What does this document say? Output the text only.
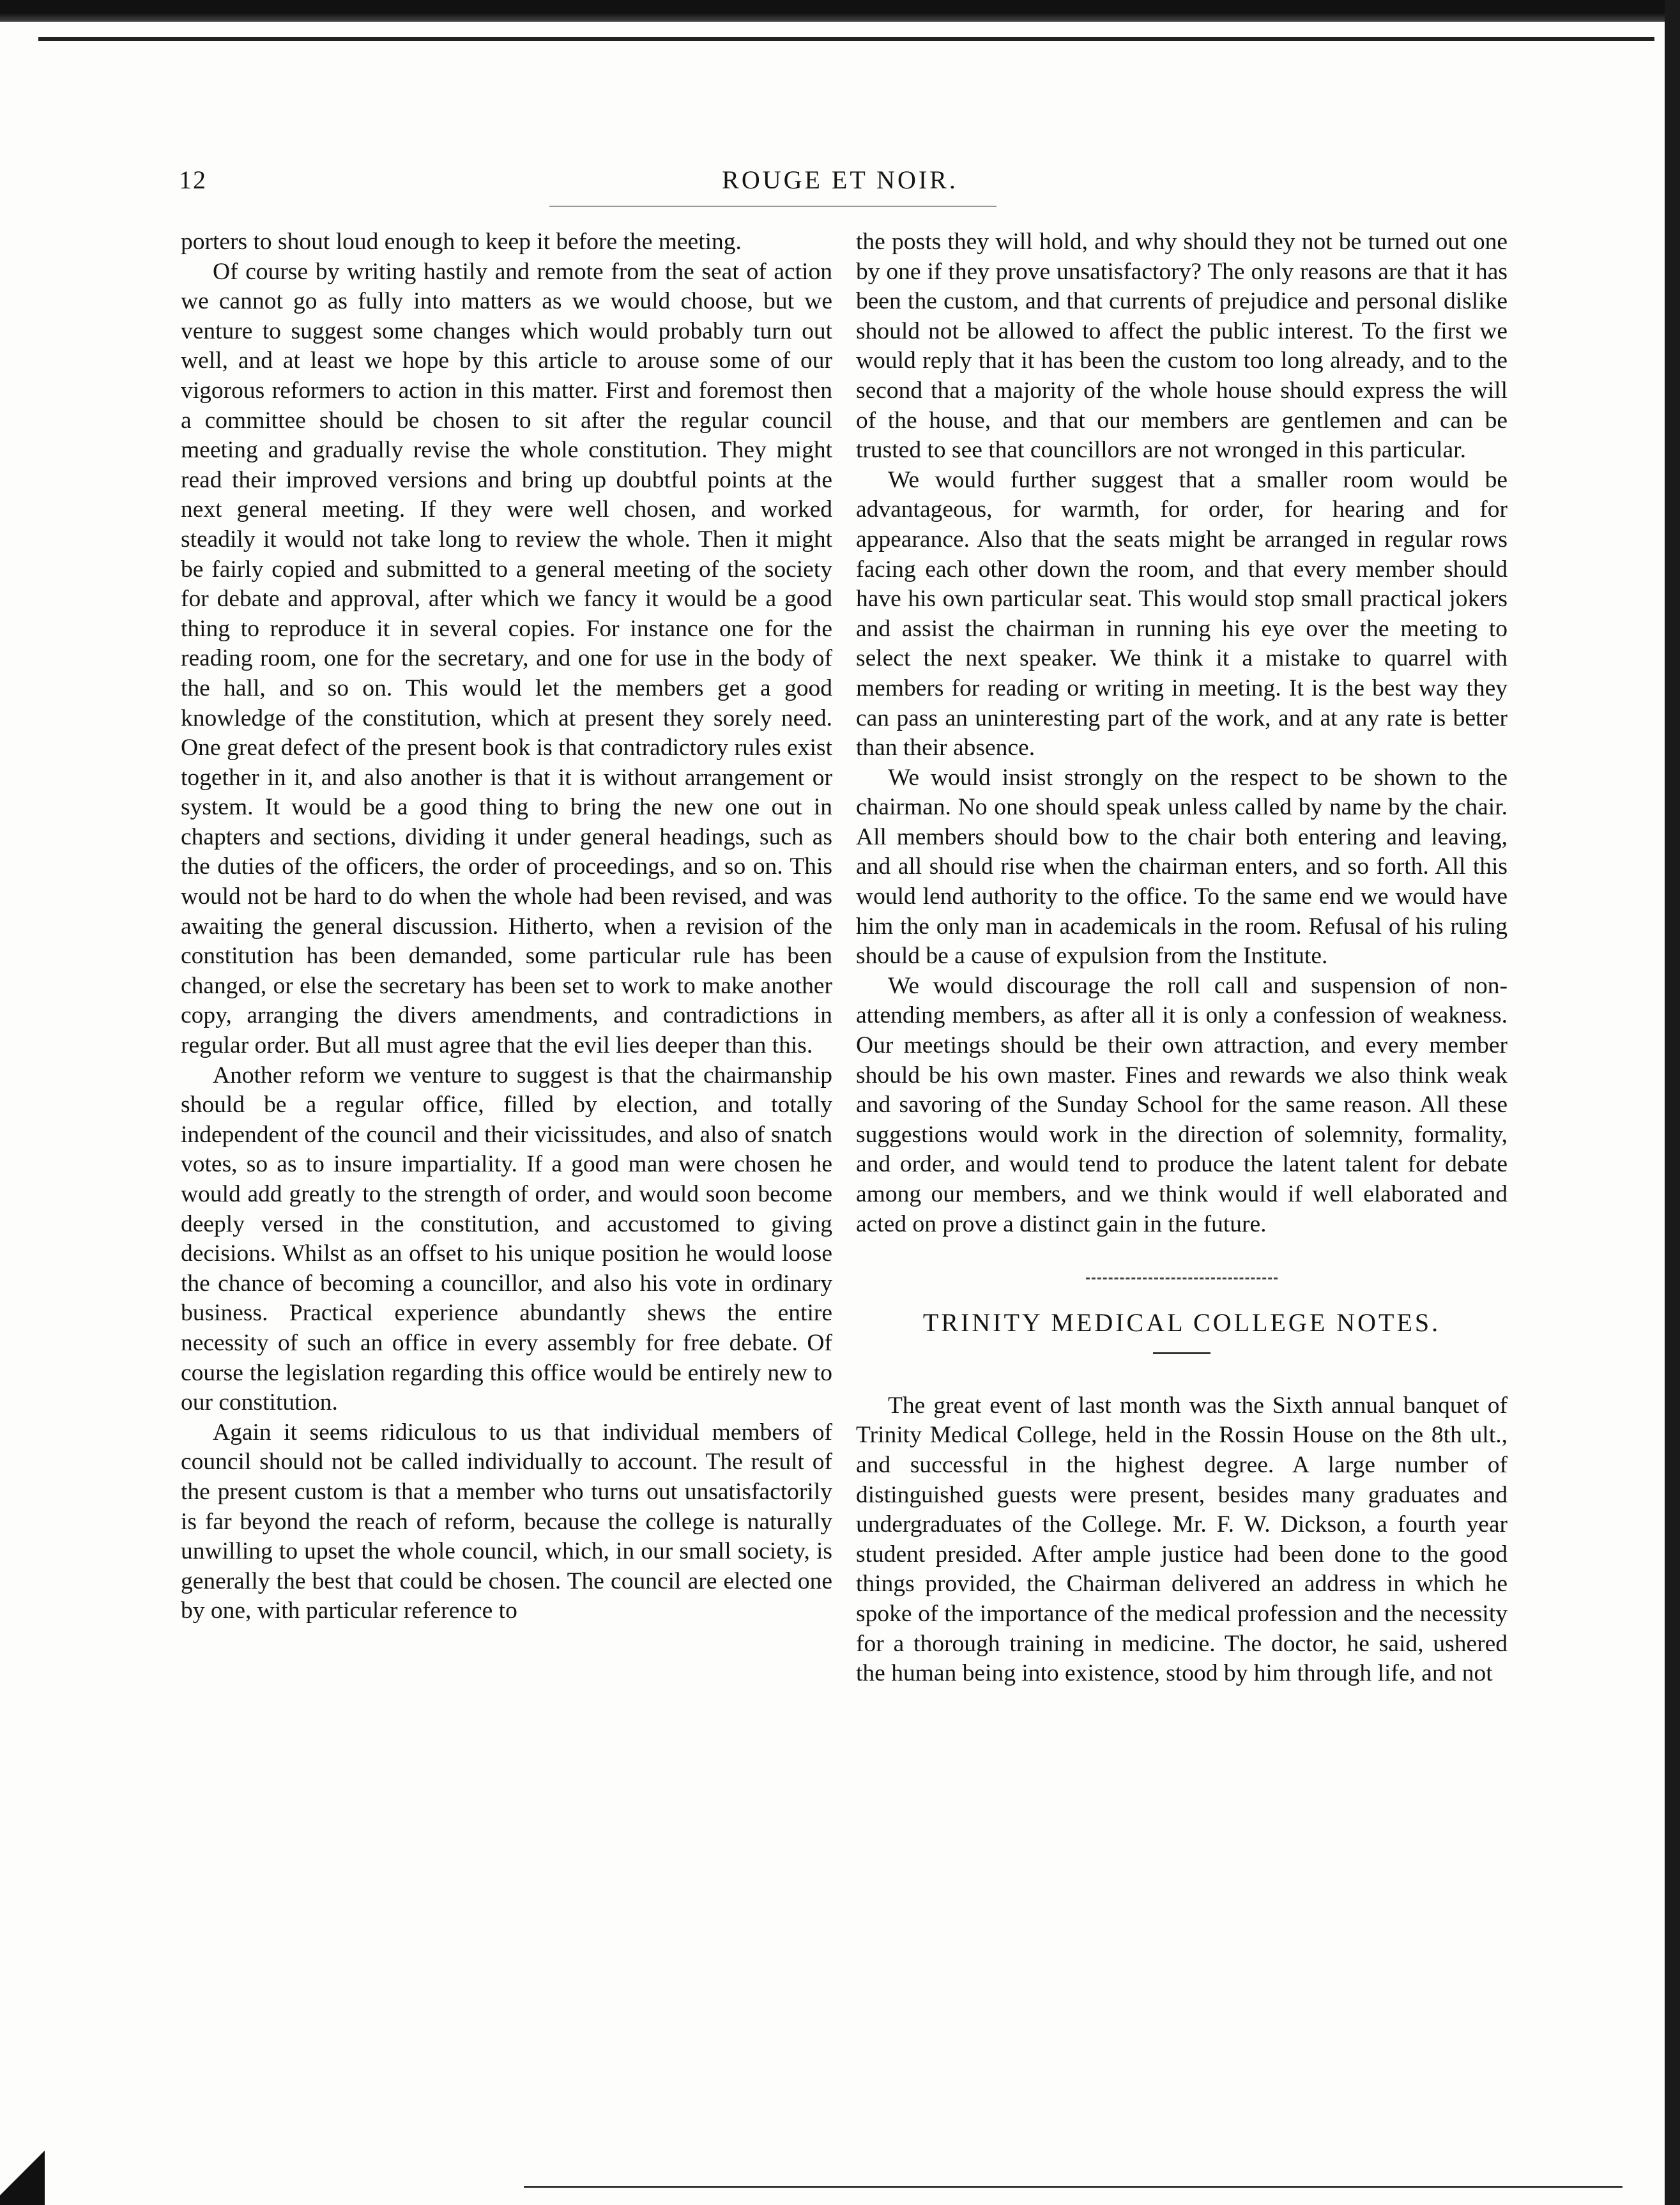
12	ROUGE ET NOIR.

porters to shout loud enough to keep it before the meeting.

Of course by writing hastily and remote from the seat of action we cannot go as fully into matters as we would choose, but we venture to suggest some changes which would probably turn out well, and at least we hope by this article to arouse some of our vigorous reformers to action in this matter. First and foremost then a committee should be chosen to sit after the regular council meeting and gradually revise the whole constitution. They might read their improved versions and bring up doubtful points at the next general meeting. If they were well chosen, and worked steadily it would not take long to review the whole. Then it might be fairly copied and submitted to a general meeting of the society for debate and approval, after which we fancy it would be a good thing to reproduce it in several copies. For instance one for the reading room, one for the secretary, and one for use in the body of the hall, and so on. This would let the members get a good knowledge of the constitution, which at present they sorely need. One great defect of the present book is that contradictory rules exist together in it, and also another is that it is without arrangement or system. It would be a good thing to bring the new one out in chapters and sections, dividing it under general headings, such as the duties of the officers, the order of proceedings, and so on. This would not be hard to do when the whole had been revised, and was awaiting the general discussion. Hitherto, when a revision of the constitution has been demanded, some particular rule has been changed, or else the secretary has been set to work to make another copy, arranging the divers amendments, and contradictions in regular order. But all must agree that the evil lies deeper than this.

Another reform we venture to suggest is that the chairmanship should be a regular office, filled by election, and totally independent of the council and their vicissitudes, and also of snatch votes, so as to insure impartiality. If a good man were chosen he would add greatly to the strength of order, and would soon become deeply versed in the constitution, and accustomed to giving decisions. Whilst as an offset to his unique position he would loose the chance of becoming a councillor, and also his vote in ordinary business. Practical experience abundantly shews the entire necessity of such an office in every assembly for free debate. Of course the legislation regarding this office would be entirely new to our constitution.

Again it seems ridiculous to us that individual members of council should not be called individually to account. The result of the present custom is that a member who turns out unsatisfactorily is far beyond the reach of reform, because the college is naturally unwilling to upset the whole council, which, in our small society, is generally the best that could be chosen. The council are elected one by one, with particular reference to

the posts they will hold, and why should they not be turned out one by one if they prove unsatisfactory? The only reasons are that it has been the custom, and that currents of prejudice and personal dislike should not be allowed to affect the public interest. To the first we would reply that it has been the custom too long already, and to the second that a majority of the whole house should express the will of the house, and that our members are gentlemen and can be trusted to see that councillors are not wronged in this particular.

We would further suggest that a smaller room would be advantageous, for warmth, for order, for hearing and for appearance. Also that the seats might be arranged in regular rows facing each other down the room, and that every member should have his own particular seat. This would stop small practical jokers and assist the chairman in running his eye over the meeting to select the next speaker. We think it a mistake to quarrel with members for reading or writing in meeting. It is the best way they can pass an uninteresting part of the work, and at any rate is better than their absence.

We would insist strongly on the respect to be shown to the chairman. No one should speak unless called by name by the chair. All members should bow to the chair both entering and leaving, and all should rise when the chairman enters, and so forth. All this would lend authority to the office. To the same end we would have him the only man in academicals in the room. Refusal of his ruling should be a cause of expulsion from the Institute.

We would discourage the roll call and suspension of non-attending members, as after all it is only a confession of weakness. Our meetings should be their own attraction, and every member should be his own master. Fines and rewards we also think weak and savoring of the Sunday School for the same reason. All these suggestions would work in the direction of solemnity, formality, and order, and would tend to produce the latent talent for debate among our members, and we think would if well elaborated and acted on prove a distinct gain in the future.

TRINITY MEDICAL COLLEGE NOTES.

The great event of last month was the Sixth annual banquet of Trinity Medical College, held in the Rossin House on the 8th ult., and successful in the highest degree. A large number of distinguished guests were present, besides many graduates and undergraduates of the College. Mr. F. W. Dickson, a fourth year student presided. After ample justice had been done to the good things provided, the Chairman delivered an address in which he spoke of the importance of the medical profession and the necessity for a thorough training in medicine. The doctor, he said, ushered the human being into existence, stood by him through life, and not
